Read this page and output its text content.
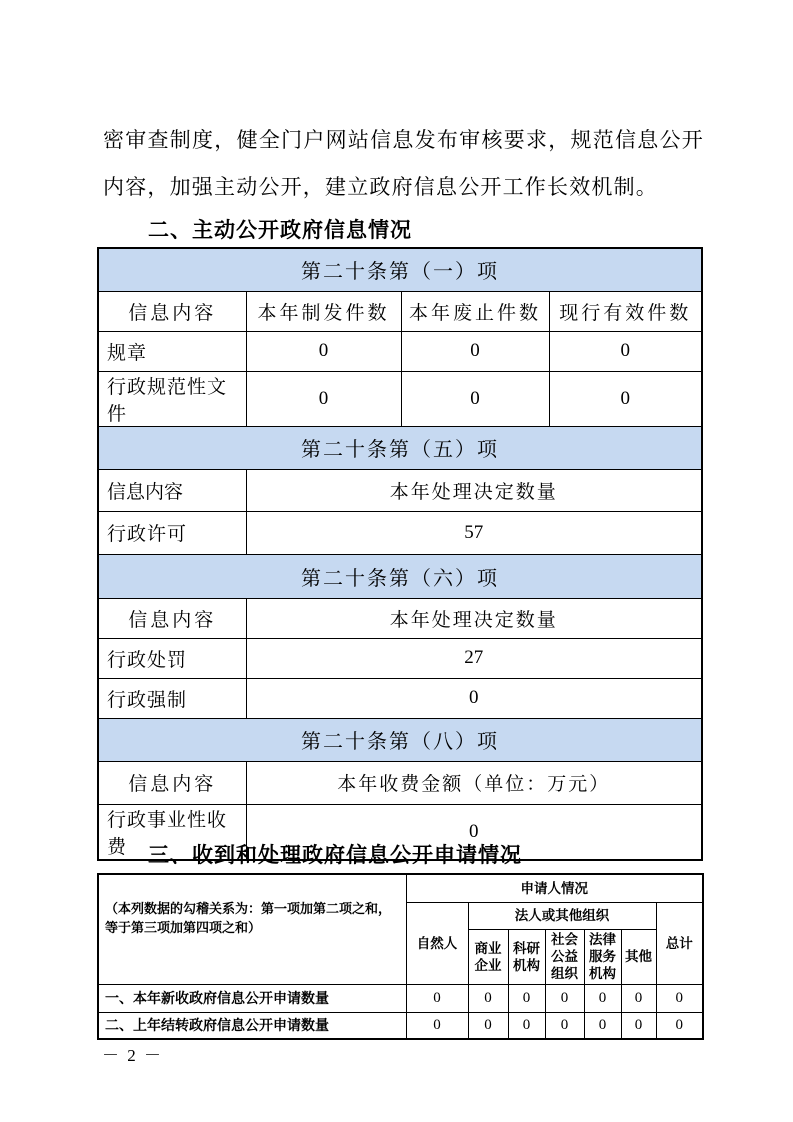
密审查制度，健全门户网站信息发布审核要求，规范信息公开内容，加强主动公开，建立政府信息公开工作长效机制。
二、主动公开政府信息情况
第二十条第（一）项			
信息内容	本年制发件数	本年废止件数	现行有效件数
规章	0	0	0
行政规范性文件	0	0	0
第二十条第（五）项			
信息内容	本年处理决定数量		
行政许可	57		
第二十条第（六）项			
信息内容	本年处理决定数量		
行政处罚	27		
行政强制	0		
第二十条第（八）项			
信息内容	本年收费金额（单位：万元）		
行政事业性收费	0		
三、收到和处理政府信息公开申请情况
（本列数据的勾稽关系为：第一项加第二项之和，等于第三项加第四项之和）	申请人情况						
	自然人	法人或其他组织					总计
		商业企业	科研机构	社会公益组织	法律服务机构	其他	
一、本年新收政府信息公开申请数量	0	0	0	0	0	0	0
二、上年结转政府信息公开申请数量	0	0	0	0	0	0	0
－ 2 －
